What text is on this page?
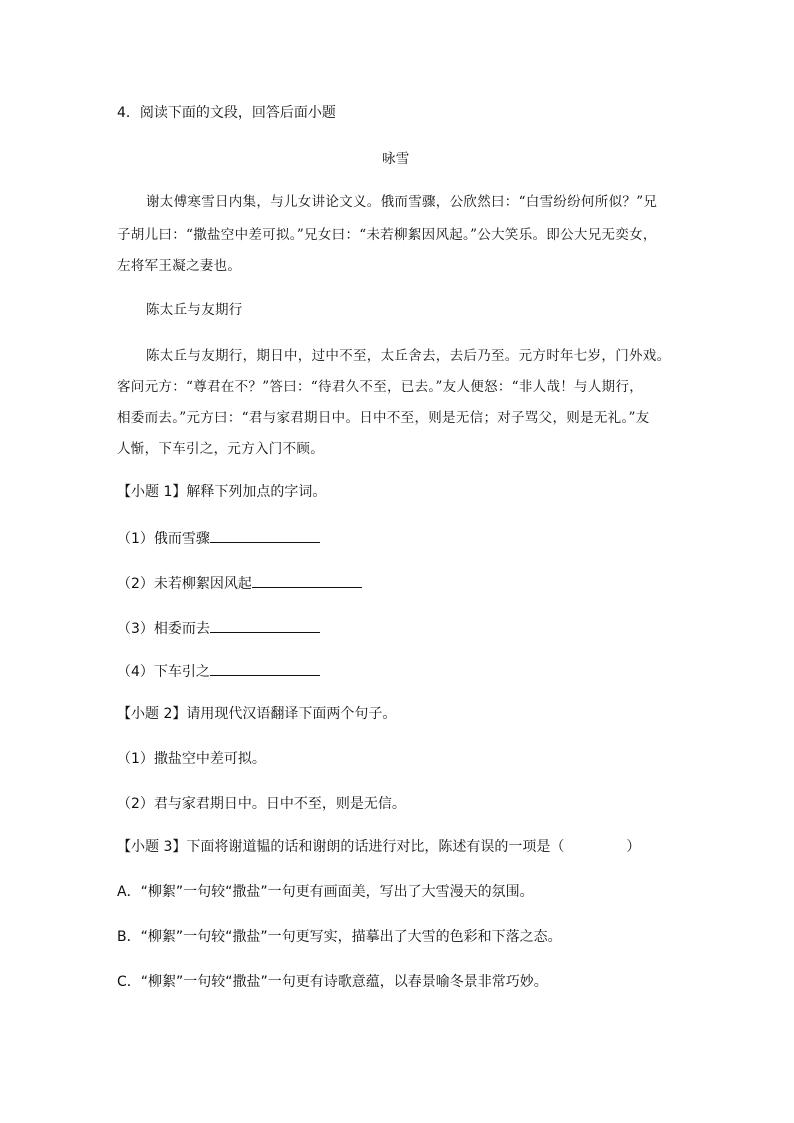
4．阅读下面的文段，回答后面小题
咏雪
谢太傅寒雪日内集，与儿女讲论文义。俄而雪骤，公欣然曰：“白雪纷纷何所似？”兄
子胡儿曰：“撒盐空中差可拟。”兄女曰：“未若柳絮因风起。”公大笑乐。即公大兄无奕女，
左将军王凝之妻也。
陈太丘与友期行
陈太丘与友期行，期日中，过中不至，太丘舍去，去后乃至。元方时年七岁，门外戏。
客问元方：“尊君在不？”答曰：“待君久不至，已去。”友人便怒：“非人哉！与人期行，
相委而去。”元方曰：“君与家君期日中。日中不至，则是无信；对子骂父，则是无礼。”友
人惭，下车引之，元方入门不顾。
【小题 1】解释下列加点的字词。
（1）俄而雪骤
（2）未若柳絮因风起
（3）相委而去
（4）下车引之
【小题 2】请用现代汉语翻译下面两个句子。
（1）撒盐空中差可拟。
（2）君与家君期日中。日中不至，则是无信。
【小题 3】下面将谢道韫的话和谢朗的话进行对比，陈述有误的一项是（	）
A．“柳絮”一句较“撒盐”一句更有画面美，写出了大雪漫天的氛围。
B．“柳絮”一句较“撒盐”一句更写实，描摹出了大雪的色彩和下落之态。
C．“柳絮”一句较“撒盐”一句更有诗歌意蕴，以春景喻冬景非常巧妙。
